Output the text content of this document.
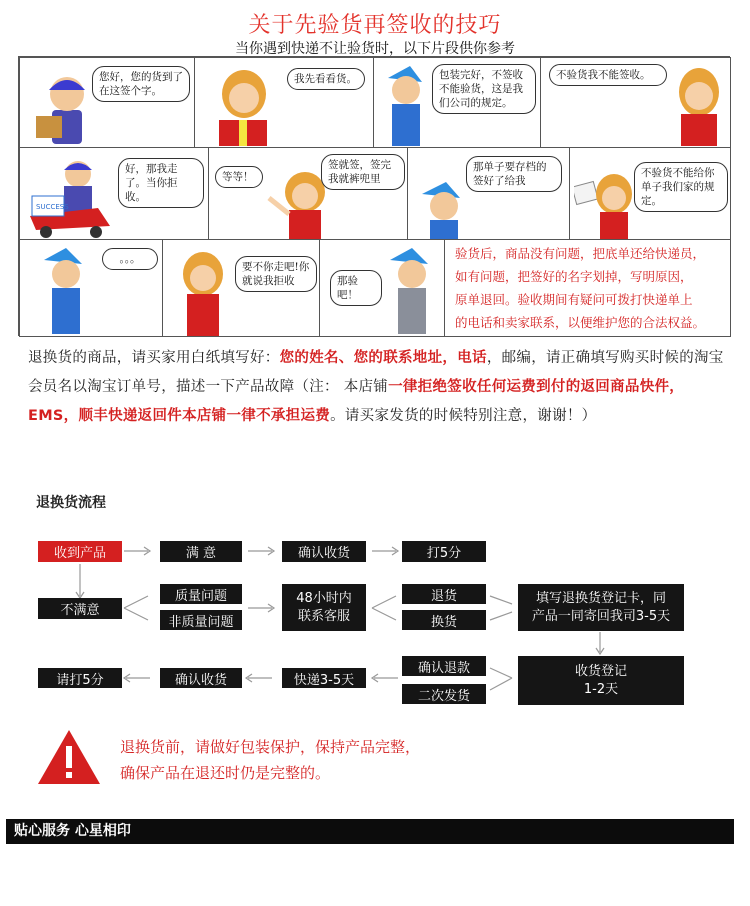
关于先验货再签收的技巧
当你遇到快递不让验货时，以下片段供你参考
您好，您的货到了在这签个字。
我先看看货。	包装完好，不签收不能验货，这是我们公司的规定。
不验货我不能签收。
SUCCESS
好，那我走了。当你拒收。
等等！
签就签，签完我就裤兜里
那单子要存档的签好了给我
不验货不能给你单子我们家的规定。
。。。
要不你走吧!你就说我拒收	那验吧！
验货后，商品没有问题，把底单还给快递员，
如有问题，把签好的名字划掉，写明原因，
原单退回。验收期间有疑问可拨打快递单上
的电话和卖家联系，以便维护您的合法权益。
退换货的商品，请买家用白纸填写好：您的姓名、您的联系地址，电话，邮编，请正确填写购买时候的淘宝会员名以淘宝订单号，描述一下产品故障（注： 本店铺一律拒绝签收任何运费到付的返回商品快件，EMS，顺丰快递返回件本店铺一律不承担运费。请买家发货的时候特别注意，谢谢！）
退换货流程
收到产品	满 意	确认收货	打5分
不满意
质量问题
非质量问题
48小时内
联系客服
退货
换货
填写退换货登记卡，同
产品一同寄回我司3-5天
请打5分	确认收货	快递3-5天
确认退款
二次发货
收货登记
1-2天
退换货前，请做好包装保护，保持产品完整，
确保产品在退还时仍是完整的。
贴心服务 心星相印
